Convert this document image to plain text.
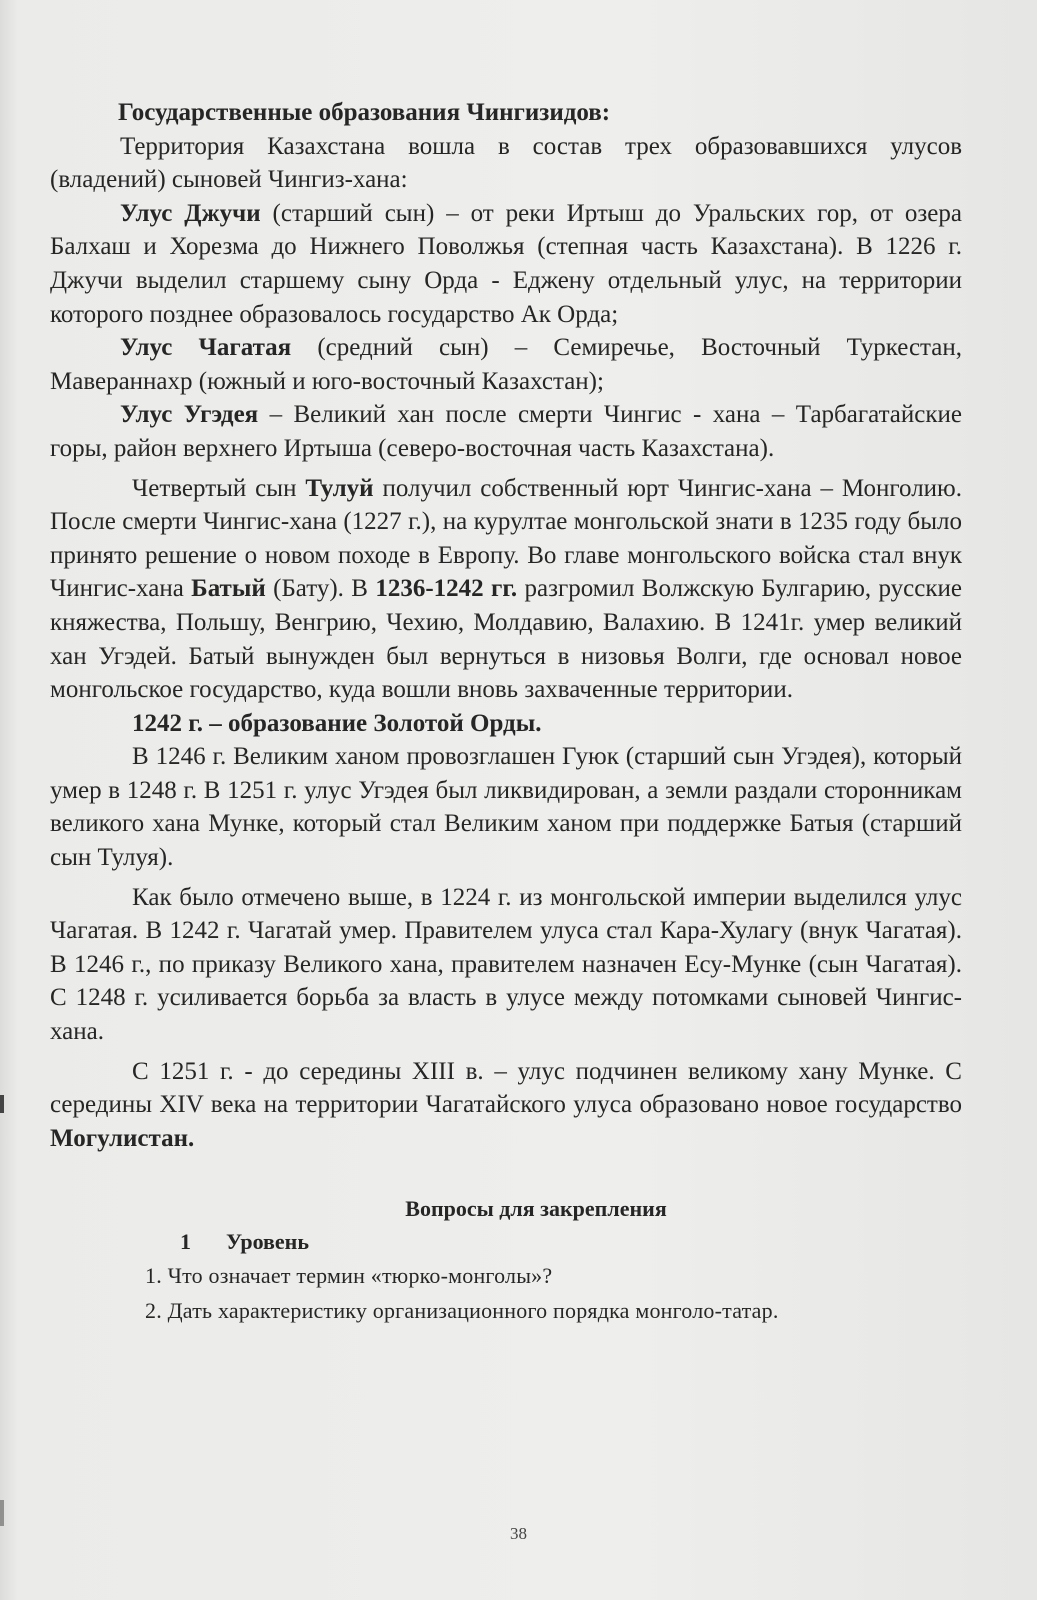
Государственные образования Чингизидов:

Территория Казахстана вошла в состав трех образовавшихся улусов (владений) сыновей Чингиз-хана:

Улус Джучи (старший сын) – от реки Иртыш до Уральских гор, от озера Балхаш и Хорезма до Нижнего Поволжья (степная часть Казахстана). В 1226 г. Джучи выделил старшему сыну Орда - Еджену отдельный улус, на территории которого позднее образовалось государство Ак Орда;

Улус Чагатая (средний сын) – Семиречье, Восточный Туркестан, Мавераннахр (южный и юго-восточный Казахстан);

Улус Угэдея – Великий хан после смерти Чингис - хана – Тарбагатайские горы, район верхнего Иртыша (северо-восточная часть Казахстана).

Четвертый сын Тулуй получил собственный юрт Чингис-хана – Монголию. После смерти Чингис-хана (1227 г.), на курултае монгольской знати в 1235 году было принято решение о новом походе в Европу. Во главе монгольского войска стал внук Чингис-хана Батый (Бату). В 1236-1242 гг. разгромил Волжскую Булгарию, русские княжества, Польшу, Венгрию, Чехию, Молдавию, Валахию. В 1241г. умер великий хан Угэдей. Батый вынужден был вернуться в низовья Волги, где основал новое монгольское государство, куда вошли вновь захваченные территории.

1242 г. – образование Золотой Орды.

В 1246 г. Великим ханом провозглашен Гуюк (старший сын Угэдея), который умер в 1248 г. В 1251 г. улус Угэдея был ликвидирован, а земли раздали сторонникам великого хана Мунке, который стал Великим ханом при поддержке Батыя (старший сын Тулуя).

Как было отмечено выше, в 1224 г. из монгольской империи выделился улус Чагатая. В 1242 г. Чагатай умер. Правителем улуса стал Кара-Хулагу (внук Чагатая). В 1246 г., по приказу Великого хана, правителем назначен Есу-Мунке (сын Чагатая). С 1248 г. усиливается борьба за власть в улусе между потомками сыновей Чингис-хана.

С 1251 г. - до середины XIII в. – улус подчинен великому хану Мунке. С середины XIV века на территории Чагатайского улуса образовано новое государство Могулистан.

Вопросы для закрепления

1 Уровень

1. Что означает термин «тюрко-монголы»?

2. Дать характеристику организационного порядка монголо-татар.

38
